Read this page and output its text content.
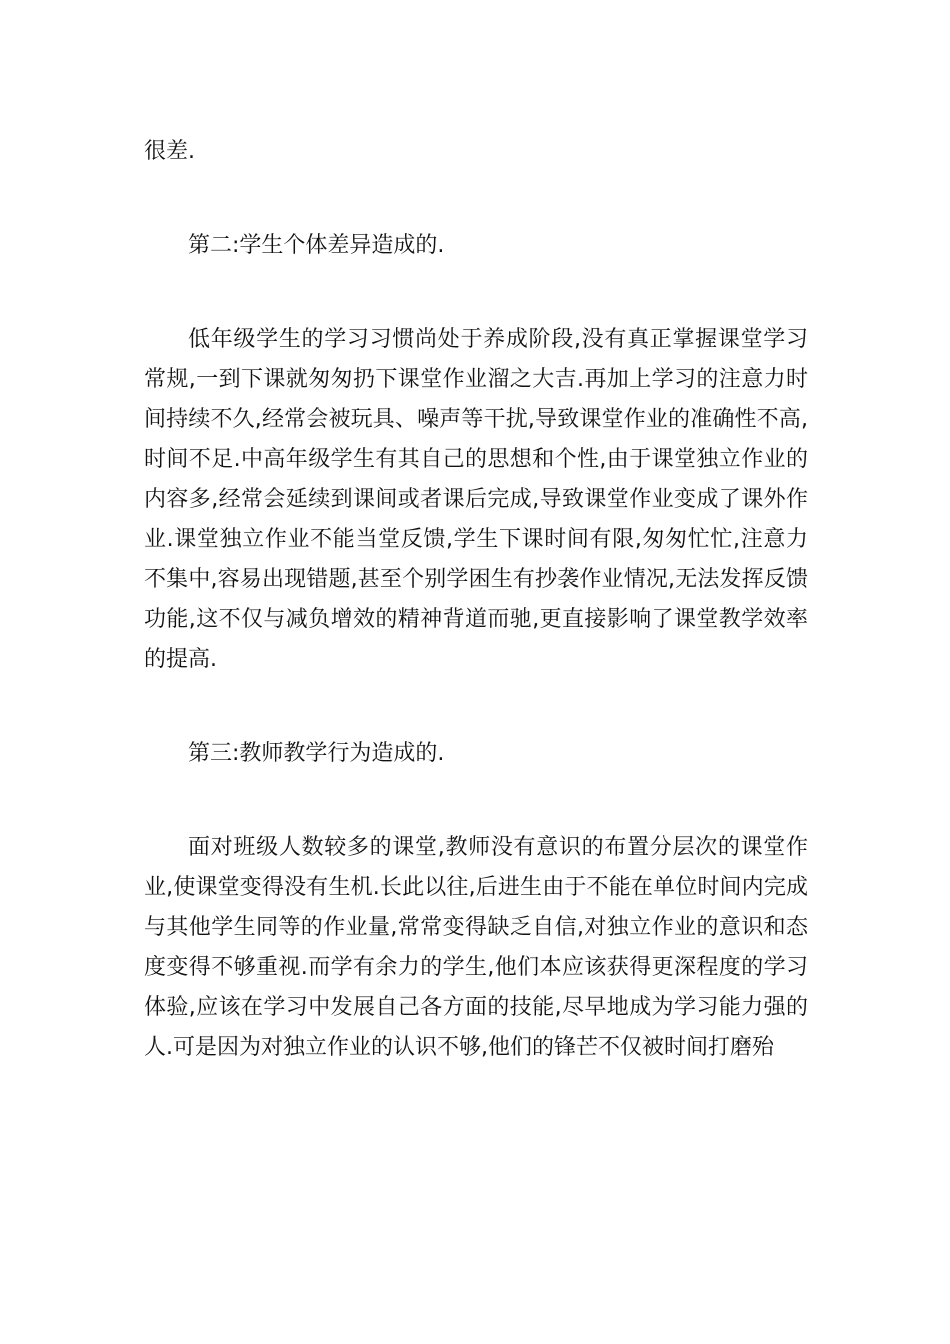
很差.

第二:学生个体差异造成的.

低年级学生的学习习惯尚处于养成阶段,没有真正掌握课堂学习常规,一到下课就匆匆扔下课堂作业溜之大吉.再加上学习的注意力时间持续不久,经常会被玩具、噪声等干扰,导致课堂作业的准确性不高,时间不足.中高年级学生有其自己的思想和个性,由于课堂独立作业的内容多,经常会延续到课间或者课后完成,导致课堂作业变成了课外作业.课堂独立作业不能当堂反馈,学生下课时间有限,匆匆忙忙,注意力不集中,容易出现错题,甚至个别学困生有抄袭作业情况,无法发挥反馈功能,这不仅与减负增效的精神背道而驰,更直接影响了课堂教学效率的提高.

第三:教师教学行为造成的.

面对班级人数较多的课堂,教师没有意识的布置分层次的课堂作业,使课堂变得没有生机.长此以往,后进生由于不能在单位时间内完成与其他学生同等的作业量,常常变得缺乏自信,对独立作业的意识和态度变得不够重视.而学有余力的学生,他们本应该获得更深程度的学习体验,应该在学习中发展自己各方面的技能,尽早地成为学习能力强的人.可是因为对独立作业的认识不够,他们的锋芒不仅被时间打磨殆
